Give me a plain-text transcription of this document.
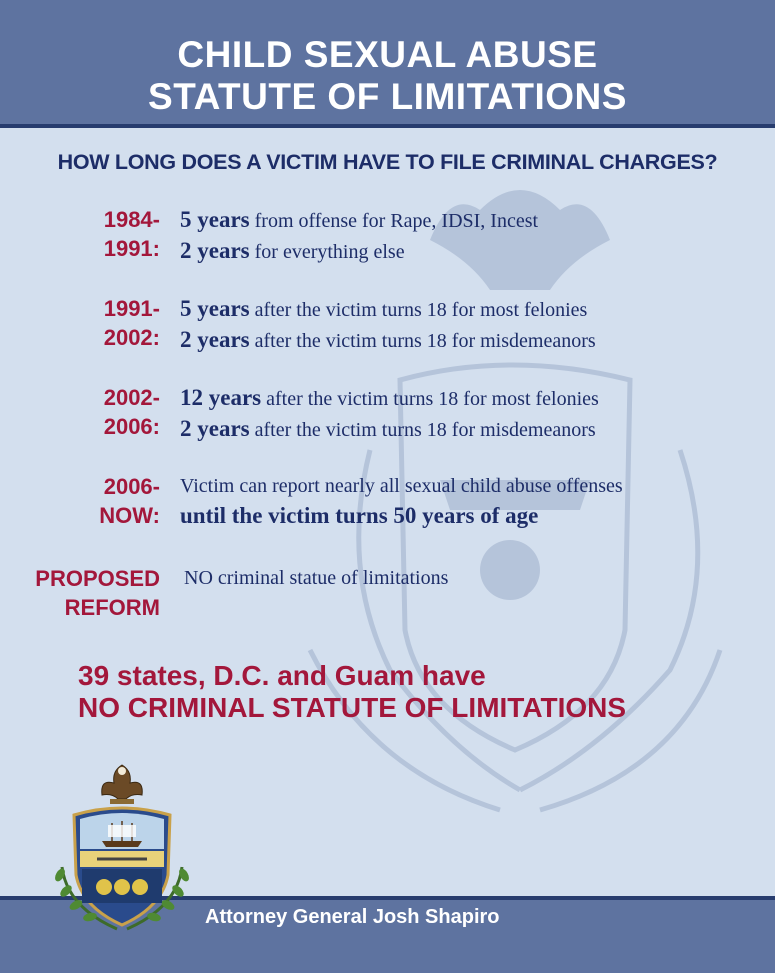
CHILD SEXUAL ABUSE
STATUTE OF LIMITATIONS
HOW LONG DOES A VICTIM HAVE TO FILE CRIMINAL CHARGES?
1984-
1991:
5 years from offense for Rape, IDSI, Incest
2 years for everything else
1991-
2002:
5 years after the victim turns 18 for most felonies
2 years after the victim turns 18 for misdemeanors
2002-
2006:
12 years after the victim turns 18 for most felonies
2 years after the victim turns 18 for misdemeanors
2006-
NOW:
Victim can report nearly all sexual child abuse offenses
until the victim turns 50 years of age
PROPOSED
REFORM
NO criminal statue of limitations
39 states, D.C. and Guam have
NO CRIMINAL STATUTE OF LIMITATIONS
Attorney General Josh Shapiro
